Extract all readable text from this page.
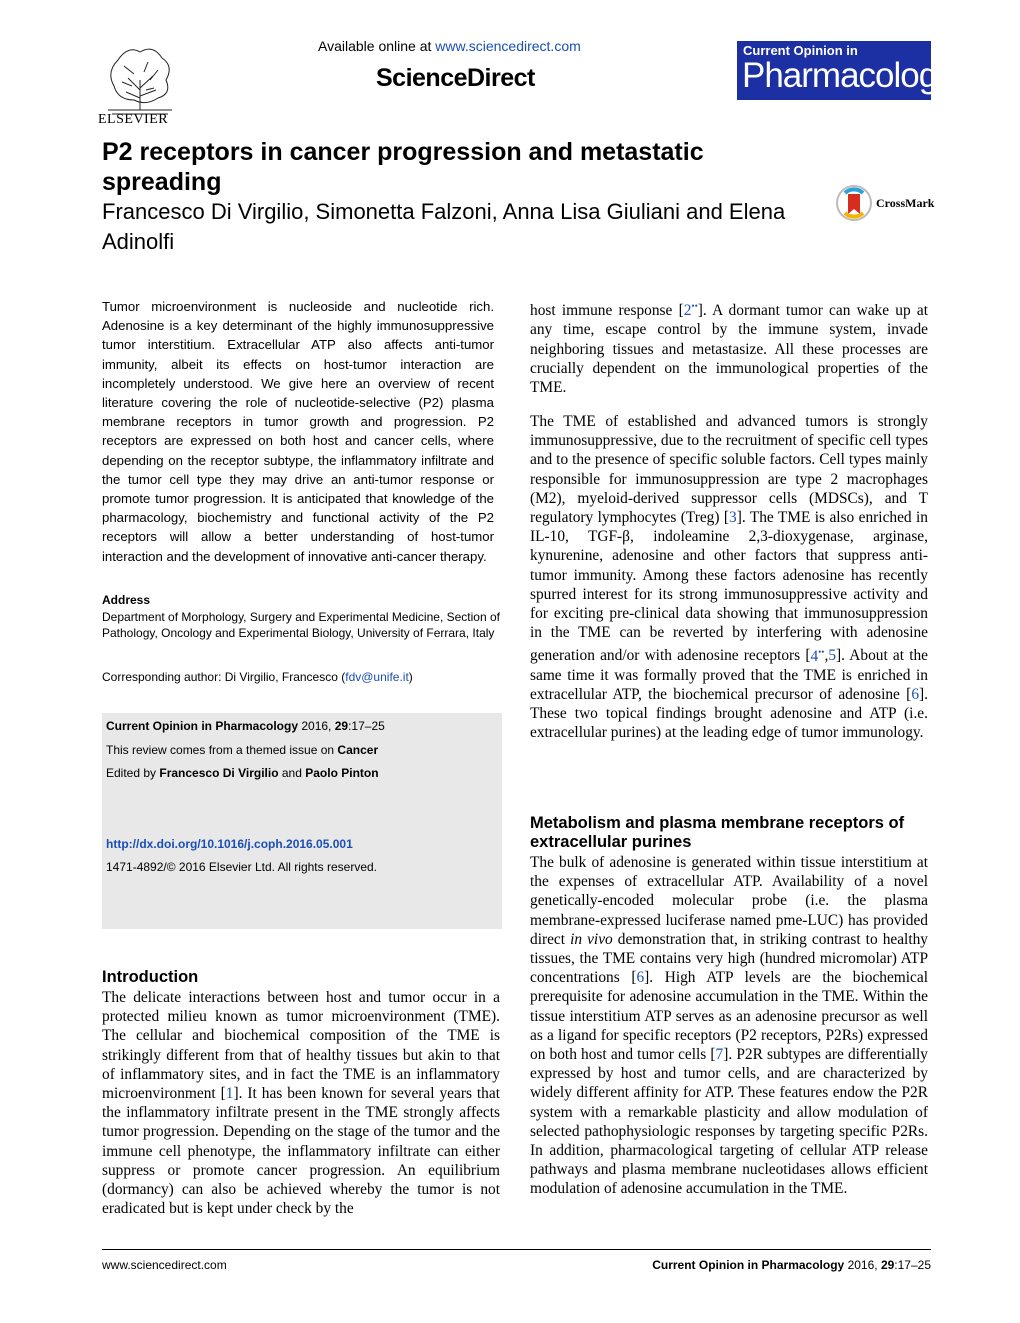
ELSEVIER
Available online at www.sciencedirect.com
ScienceDirect
Current Opinion in
Pharmacology
P2 receptors in cancer progression and metastatic spreading
Francesco Di Virgilio, Simonetta Falzoni, Anna Lisa Giuliani and Elena Adinolfi
CrossMark
Tumor microenvironment is nucleoside and nucleotide rich. Adenosine is a key determinant of the highly immunosuppressive tumor interstitium. Extracellular ATP also affects anti-tumor immunity, albeit its effects on host-tumor interaction are incompletely understood. We give here an overview of recent literature covering the role of nucleotide-selective (P2) plasma membrane receptors in tumor growth and progression. P2 receptors are expressed on both host and cancer cells, where depending on the receptor subtype, the inflammatory infiltrate and the tumor cell type they may drive an anti-tumor response or promote tumor progression. It is anticipated that knowledge of the pharmacology, biochemistry and functional activity of the P2 receptors will allow a better understanding of host-tumor interaction and the development of innovative anti-cancer therapy.
Address
Department of Morphology, Surgery and Experimental Medicine, Section of Pathology, Oncology and Experimental Biology, University of Ferrara, Italy
Corresponding author: Di Virgilio, Francesco (fdv@unife.it)
Current Opinion in Pharmacology 2016, 29:17–25
This review comes from a themed issue on Cancer
Edited by Francesco Di Virgilio and Paolo Pinton
http://dx.doi.org/10.1016/j.coph.2016.05.001
1471-4892/© 2016 Elsevier Ltd. All rights reserved.
Introduction
The delicate interactions between host and tumor occur in a protected milieu known as tumor microenvironment (TME). The cellular and biochemical composition of the TME is strikingly different from that of healthy tissues but akin to that of inflammatory sites, and in fact the TME is an inflammatory microenvironment [1]. It has been known for several years that the inflammatory infiltrate present in the TME strongly affects tumor progression. Depending on the stage of the tumor and the immune cell phenotype, the inflammatory infiltrate can either suppress or promote cancer progression. An equilibrium (dormancy) can also be achieved whereby the tumor is not eradicated but is kept under check by the
host immune response [2••]. A dormant tumor can wake up at any time, escape control by the immune system, invade neighboring tissues and metastasize. All these processes are crucially dependent on the immunological properties of the TME.
The TME of established and advanced tumors is strongly immunosuppressive, due to the recruitment of specific cell types and to the presence of specific soluble factors. Cell types mainly responsible for immunosuppression are type 2 macrophages (M2), myeloid-derived suppressor cells (MDSCs), and T regulatory lymphocytes (Treg) [3]. The TME is also enriched in IL-10, TGF-β, indoleamine 2,3-dioxygenase, arginase, kynurenine, adenosine and other factors that suppress anti-tumor immunity. Among these factors adenosine has recently spurred interest for its strong immunosuppressive activity and for exciting pre-clinical data showing that immunosuppression in the TME can be reverted by interfering with adenosine generation and/or with adenosine receptors [4••,5]. About at the same time it was formally proved that the TME is enriched in extracellular ATP, the biochemical precursor of adenosine [6]. These two topical findings brought adenosine and ATP (i.e. extracellular purines) at the leading edge of tumor immunology.
Metabolism and plasma membrane receptors of extracellular purines
The bulk of adenosine is generated within tissue interstitium at the expenses of extracellular ATP. Availability of a novel genetically-encoded molecular probe (i.e. the plasma membrane-expressed luciferase named pme-LUC) has provided direct in vivo demonstration that, in striking contrast to healthy tissues, the TME contains very high (hundred micromolar) ATP concentrations [6]. High ATP levels are the biochemical prerequisite for adenosine accumulation in the TME. Within the tissue interstitium ATP serves as an adenosine precursor as well as a ligand for specific receptors (P2 receptors, P2Rs) expressed on both host and tumor cells [7]. P2R subtypes are differentially expressed by host and tumor cells, and are characterized by widely different affinity for ATP. These features endow the P2R system with a remarkable plasticity and allow modulation of selected pathophysiologic responses by targeting specific P2Rs. In addition, pharmacological targeting of cellular ATP release pathways and plasma membrane nucleotidases allows efficient modulation of adenosine accumulation in the TME.
www.sciencedirect.com	Current Opinion in Pharmacology 2016, 29:17–25
